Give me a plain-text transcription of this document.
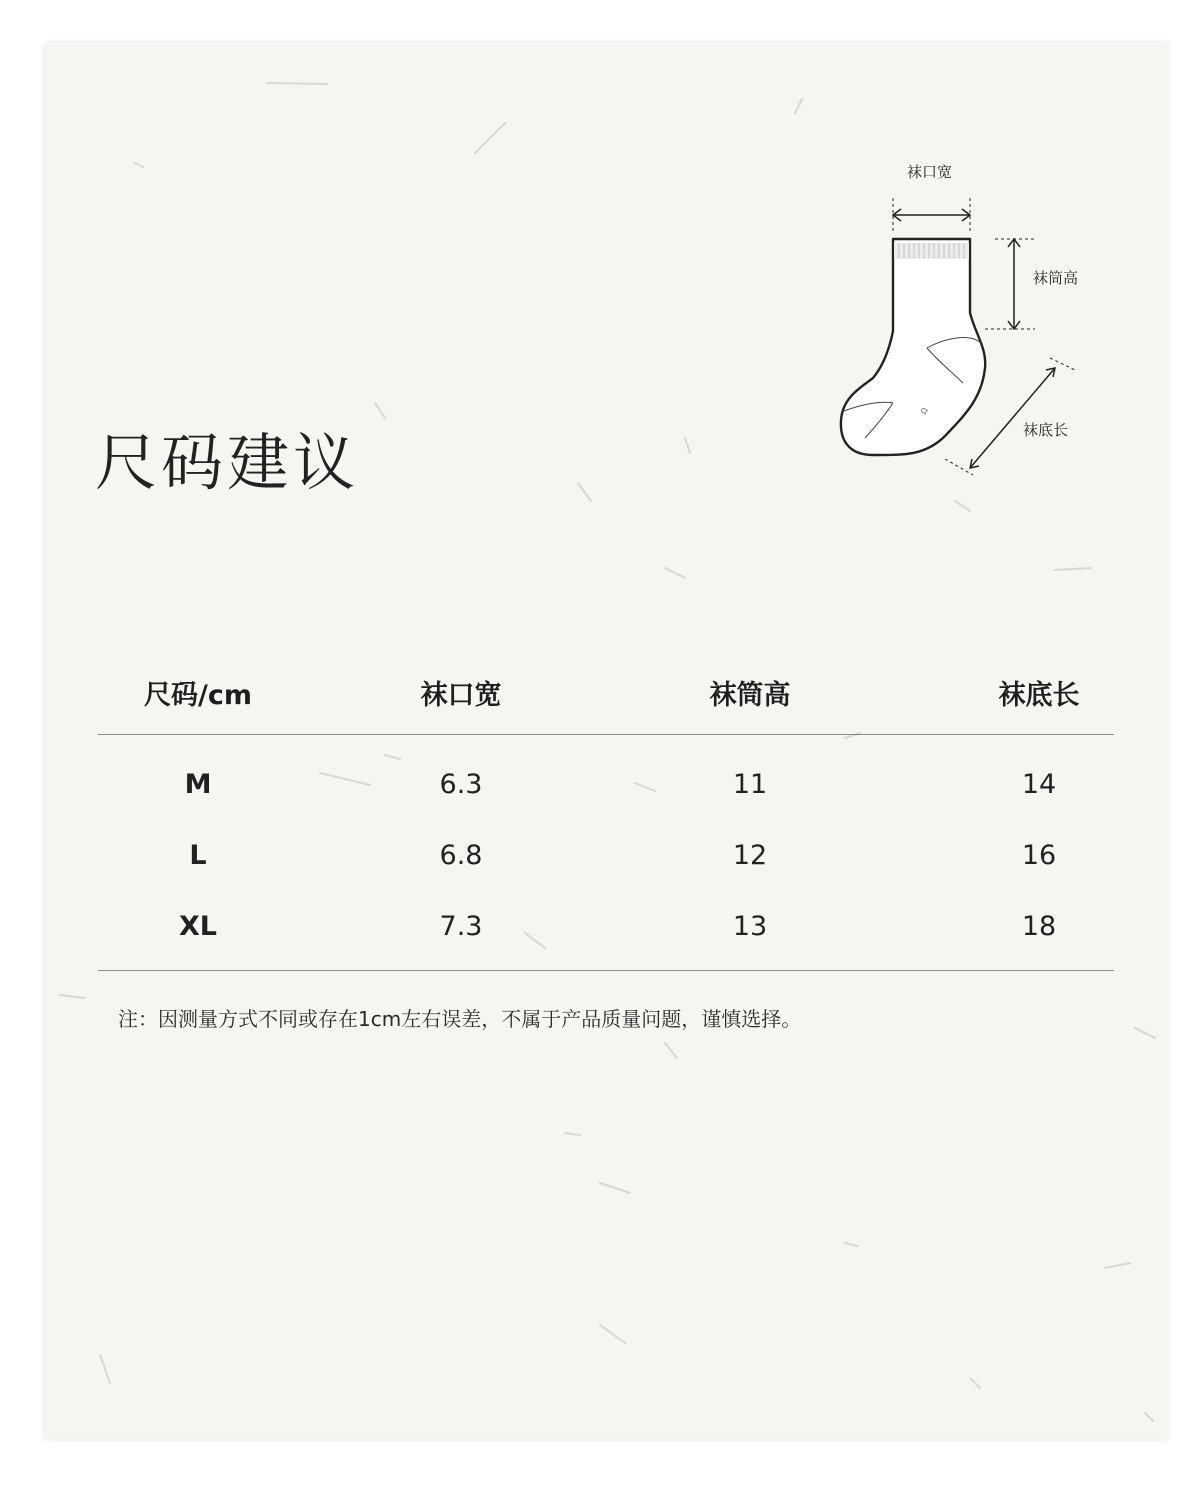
尺码建议
袜口宽
袜筒高
袜底长
Ω
尺码/cm	袜口宽	袜筒高	袜底长
M	6.3	11	14
L	6.8	12	16
XL	7.3	13	18
注：因测量方式不同或存在1cm左右误差，不属于产品质量问题，谨慎选择。
